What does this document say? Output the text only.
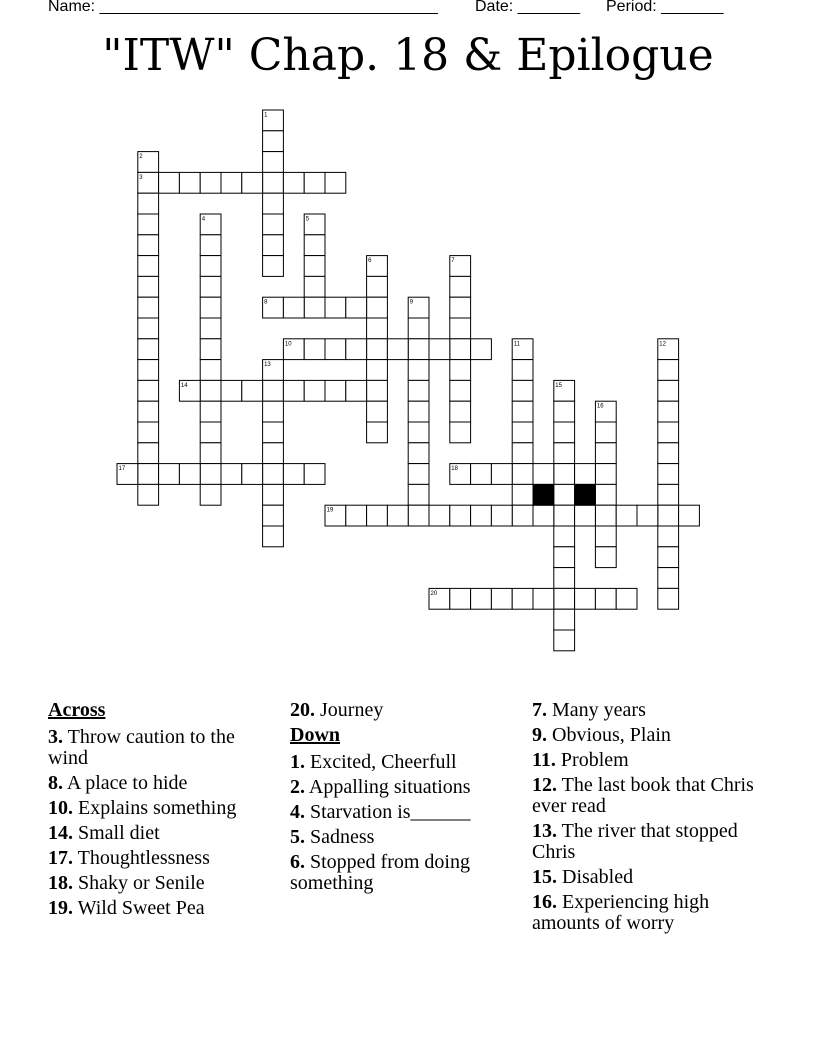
Name: ______________________________________ Date: _______ Period: _______
"ITW" Chap. 18 & Epilogue
1
2
3
4	5
6	7
8	9
10	11	12
13
14	15
16
17	18
19
20
Across
3. Throw caution to the wind
8. A place to hide
10. Explains something
14. Small diet
17. Thoughtlessness
18. Shaky or Senile
19. Wild Sweet Pea
20. Journey
Down
1. Excited, Cheerfull
2. Appalling situations
4. Starvation is______
5. Sadness
6. Stopped from doing something
7. Many years
9. Obvious, Plain
11. Problem
12. The last book that Chris ever read
13. The river that stopped Chris
15. Disabled
16. Experiencing high amounts of worry
